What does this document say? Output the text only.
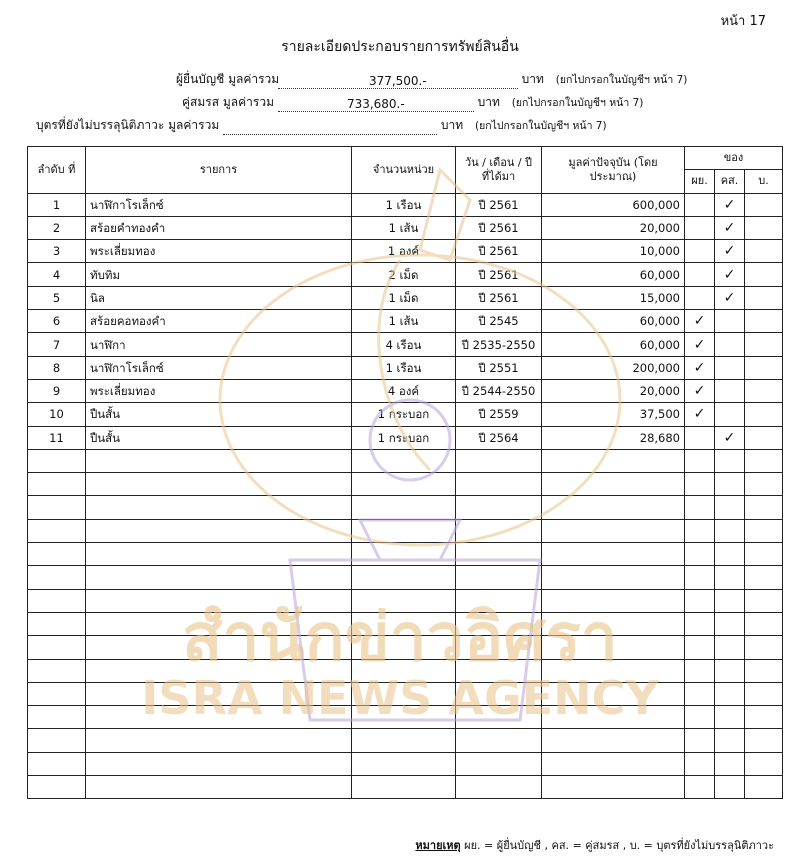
หน้า 17
รายละเอียดประกอบรายการทรัพย์สินอื่น
ผู้ยื่นบัญชี มูลค่ารวม	377,500.-	บาท (ยกไปกรอกในบัญชีฯ หน้า 7)
คู่สมรส มูลค่ารวม	733,680.-	บาท (ยกไปกรอกในบัญชีฯ หน้า 7)
บุตรที่ยังไม่บรรลุนิติภาวะ มูลค่ารวม	บาท (ยกไปกรอกในบัญชีฯ หน้า 7)
ลำดับ ที่	รายการ	จำนวนหน่วย	วัน / เดือน / ปี ที่ได้มา	มูลค่าปัจจุบัน (โดยประมาณ)	ของ		
					ผย.	คส.	บ.
1	นาฬิกาโรเล็กซ์	1 เรือน	ปี 2561	600,000		✓	
2	สร้อยคำทองคำ	1 เส้น	ปี 2561	20,000		✓	
3	พระเลี่ยมทอง	1 องค์	ปี 2561	10,000		✓	
4	ทับทิม	2 เม็ด	ปี 2561	60,000		✓	
5	นิล	1 เม็ด	ปี 2561	15,000		✓	
6	สร้อยคอทองคำ	1 เส้น	ปี 2545	60,000	✓		
7	นาฬิกา	4 เรือน	ปี 2535-2550	60,000	✓		
8	นาฬิกาโรเล็กซ์	1 เรือน	ปี 2551	200,000	✓		
9	พระเลี่ยมทอง	4 องค์	ปี 2544-2550	20,000	✓		
10	ปืนสั้น	1 กระบอก	ปี 2559	37,500	✓		
11	ปืนสั้น	1 กระบอก	ปี 2564	28,680		✓	

หมายเหตุ ผย. = ผู้ยื่นบัญชี , คส. = คู่สมรส , บ. = บุตรที่ยังไม่บรรลุนิติภาวะ
สำนักข่าวอิศรา
ISRA NEWS AGENCY
